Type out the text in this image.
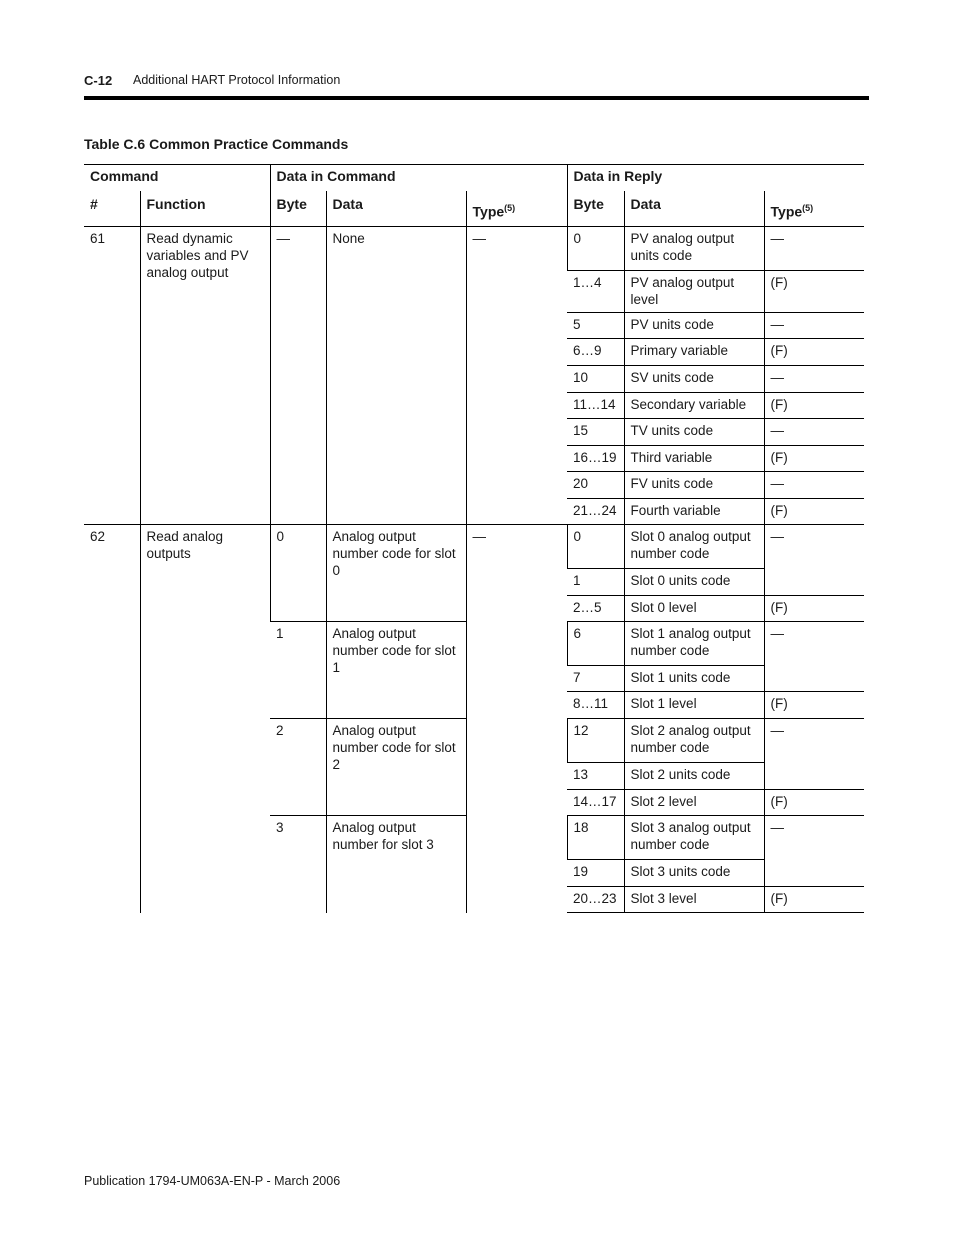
C-12 Additional HART Protocol Information
Table C.6 Common Practice Commands
Command		Data in Command			Data in Reply		
#	Function	Byte	Data	Type$^{(5)}$	Byte	Data	Type$^{(5)}$
61	Read dynamic variables and PV analog output	—	None	—	0	PV analog output units code	—
					1…4	PV analog output level	(F)
					5	PV units code	—
					6…9	Primary variable	(F)
					10	SV units code	—
					11…14	Secondary variable	(F)
					15	TV units code	—
					16…19	Third variable	(F)
					20	FV units code	—
					21…24	Fourth variable	(F)
62	Read analog outputs	0	Analog output number code for slot 0	—	0	Slot 0 analog output number code	—
					1	Slot 0 units code	
					2…5	Slot 0 level	(F)
		1	Analog output number code for slot 1		6	Slot 1 analog output number code	—
					7	Slot 1 units code	
					8…11	Slot 1 level	(F)
		2	Analog output number code for slot 2		12	Slot 2 analog output number code	—
					13	Slot 2 units code	
					14…17	Slot 2 level	(F)
		3	Analog output number for slot 3		18	Slot 3 analog output number code	—
					19	Slot 3 units code	
					20…23	Slot 3 level	(F)
Publication 1794-UM063A-EN-P - March 2006
